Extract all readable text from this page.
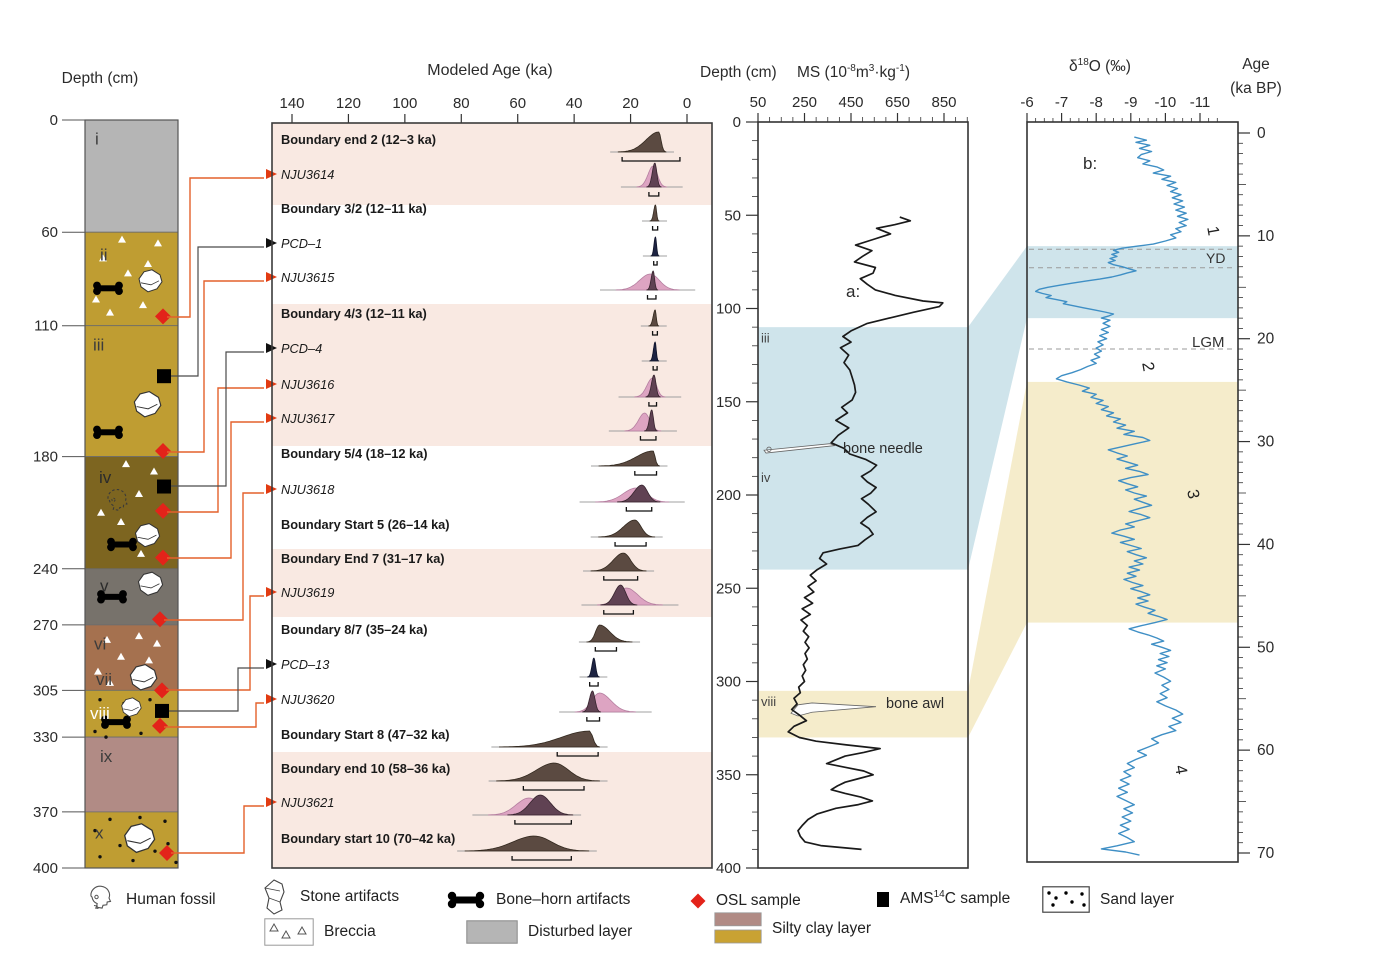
0
60
110
180
240
270
305
330
370
400
i
ii
iii
iv
v
vi
vii
viii
ix
x
140 120 100 80	60	40	20	0
Boundary end 2 (12–3 ka)
NJU3614
Boundary 3/2 (12–11 ka)
PCD–1
NJU3615
Boundary 4/3 (12–11 ka)
PCD–4
NJU3616
NJU3617
Boundary 5/4 (18–12 ka)
NJU3618
Boundary Start 5 (26–14 ka)
Boundary End 7 (31–17 ka)
NJU3619
Boundary 8/7 (35–24 ka)
PCD–13
NJU3620
Boundary Start 8 (47–32 ka)
Boundary end 10 (58–36 ka)
NJU3621
Boundary start 10 (70–42 ka)
50 250 450 650 850
0
50
100
150
200
250
300
350
400
iii
iv
viii
-6 -7 -8 -9 -10 -11
0
10
20
30
40
50
60
70
1
2
3
4
Depth (cm)	Modeled Age (ka)	Depth (cm) MS $(10^{-8}m^3\cdot kg^{-1})$	$\delta^{18}O$ (‰)	Age
(ka BP)
a:
b:
YD
LGM
bone needle
bone awl
Human fossil	Stone artifacts	Bone–horn artifacts	OSL sample	AMS$^{14}$C sample	Sand layer
Breccia	Disturbed layer	Silty clay layer
